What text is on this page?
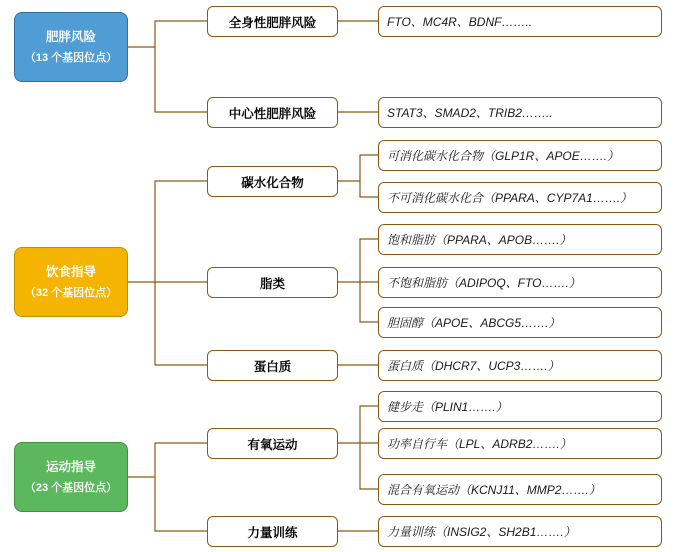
肥胖风险
（13 个基因位点）
饮食指导
（32 个基因位点）
运动指导
（23 个基因位点）
全身性肥胖风险
中心性肥胖风险
碳水化合物
脂类
蛋白质
有氧运动
力量训练
FTO、MC4R、BDNF……..
STAT3、SMAD2、TRIB2……..
可消化碳水化合物（GLP1R、APOE…….）
不可消化碳水化合（PPARA、CYP7A1…….）
饱和脂肪（PPARA、APOB…….）
不饱和脂肪（ADIPOQ、FTO…….）
胆固醇（APOE、ABCG5…….）
蛋白质（DHCR7、UCP3…….）
健步走（PLIN1…….）
功率自行车（LPL、ADRB2…….）
混合有氧运动（KCNJ11、MMP2…….）
力量训练（INSIG2、SH2B1…….）
